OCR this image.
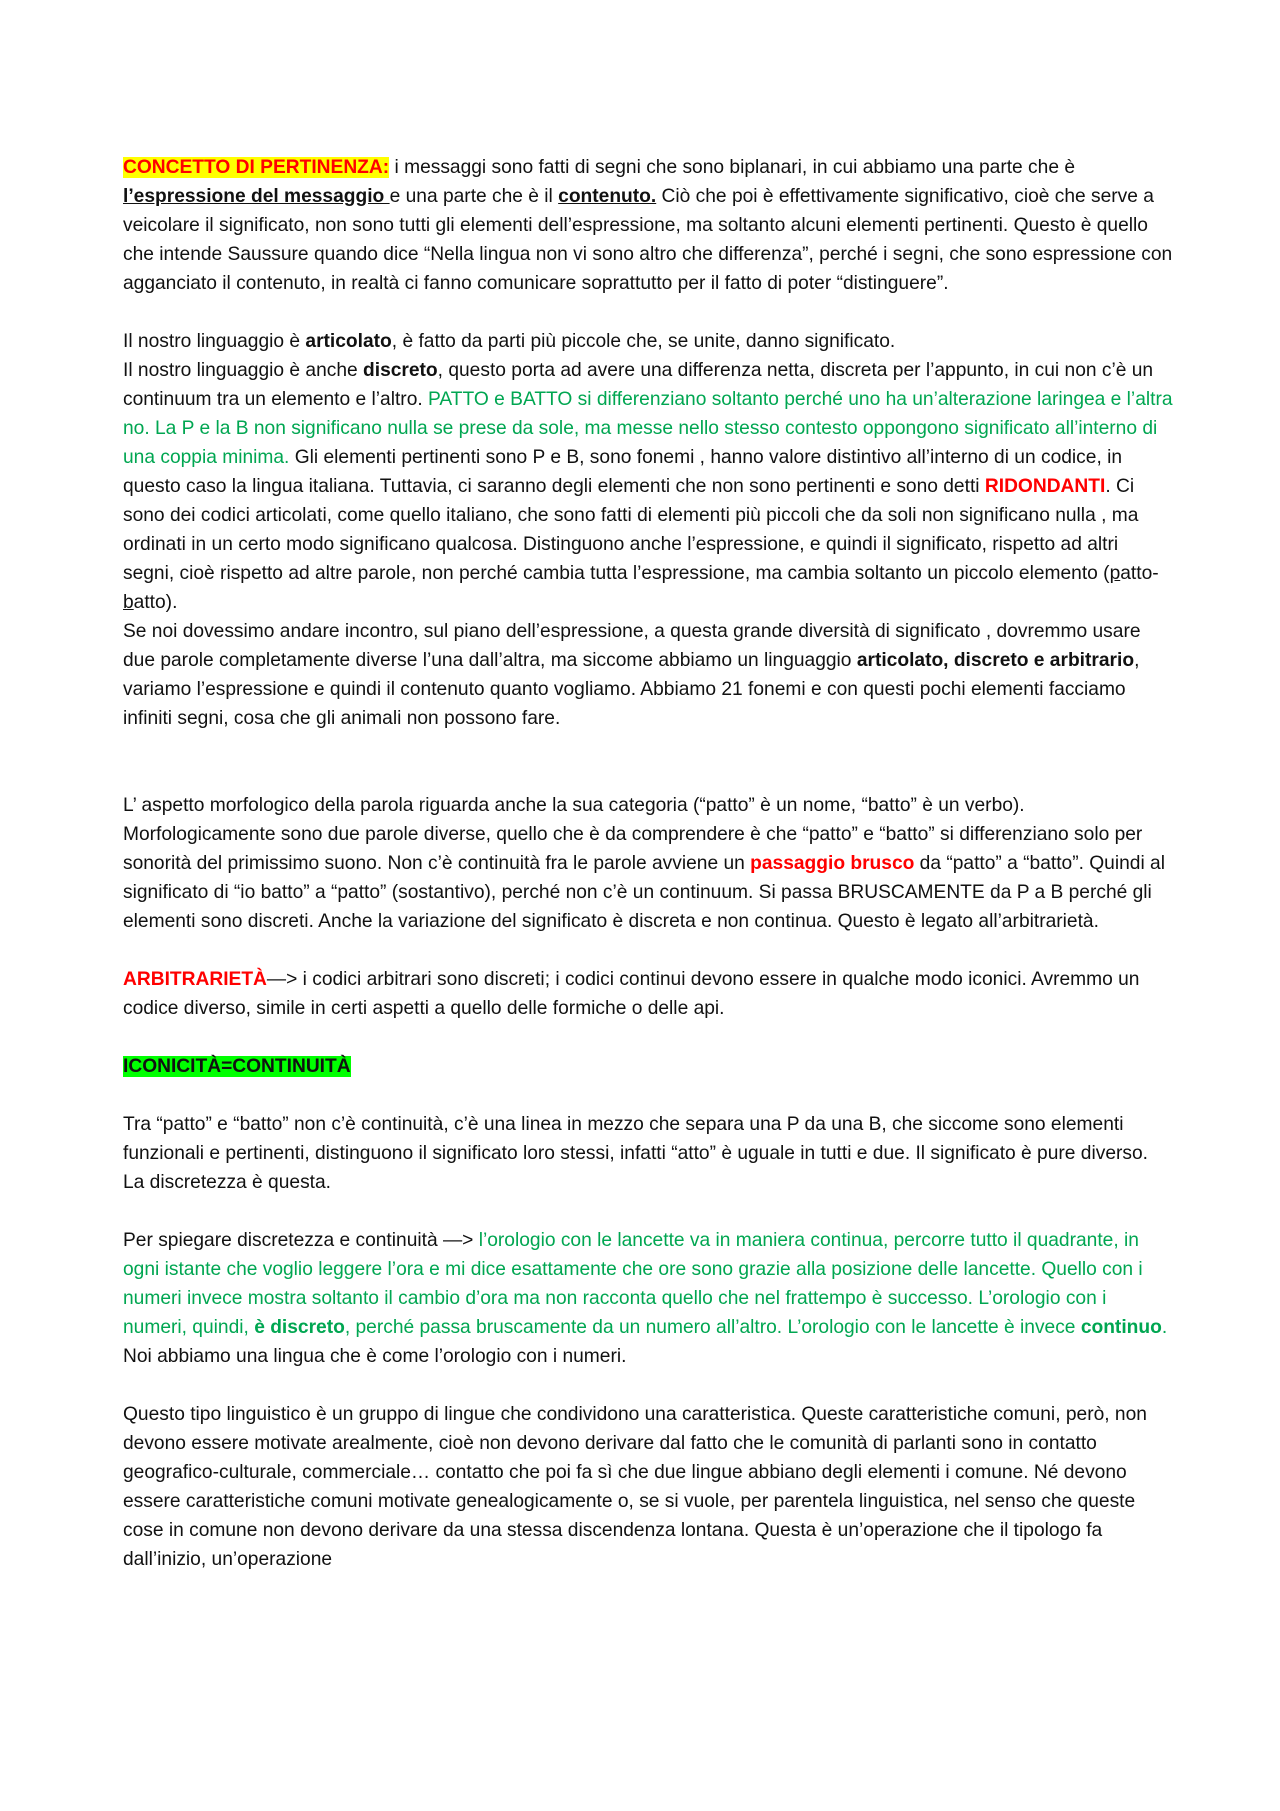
CONCETTO DI PERTINENZA: i messaggi sono fatti di segni che sono biplanari, in cui abbiamo una parte che è l’espressione del messaggio e una parte che è il contenuto. Ciò che poi è effettivamente significativo, cioè che serve a veicolare il significato, non sono tutti gli elementi dell’espressione, ma soltanto alcuni elementi pertinenti. Questo è quello che intende Saussure quando dice “Nella lingua non vi sono altro che differenza”, perché i segni, che sono espressione con agganciato il contenuto, in realtà ci fanno comunicare soprattutto per il fatto di poter “distinguere”.

Il nostro linguaggio è articolato, è fatto da parti più piccole che, se unite, danno significato.

Il nostro linguaggio è anche discreto, questo porta ad avere una differenza netta, discreta per l’appunto, in cui non c’è un continuum tra un elemento e l’altro. PATTO e BATTO si differenziano soltanto perché uno ha un’alterazione laringea e l’altra no. La P e la B non significano nulla se prese da sole, ma messe nello stesso contesto oppongono significato all’interno di una coppia minima. Gli elementi pertinenti sono P e B, sono fonemi , hanno valore distintivo all’interno di un codice, in questo caso la lingua italiana. Tuttavia, ci saranno degli elementi che non sono pertinenti e sono detti RIDONDANTI. Ci sono dei codici articolati, come quello italiano, che sono fatti di elementi più piccoli che da soli non significano nulla , ma ordinati in un certo modo significano qualcosa. Distinguono anche l’espressione, e quindi il significato, rispetto ad altri segni, cioè rispetto ad altre parole, non perché cambia tutta l’espressione, ma cambia soltanto un piccolo elemento (patto-batto).

Se noi dovessimo andare incontro, sul piano dell’espressione, a questa grande diversità di significato , dovremmo usare due parole completamente diverse l’una dall’altra, ma siccome abbiamo un linguaggio articolato, discreto e arbitrario, variamo l’espressione e quindi il contenuto quanto vogliamo. Abbiamo 21 fonemi e con questi pochi elementi facciamo infiniti segni, cosa che gli animali non possono fare.

L’ aspetto morfologico della parola riguarda anche la sua categoria (“patto” è un nome, “batto” è un verbo). Morfologicamente sono due parole diverse, quello che è da comprendere è che “patto” e “batto” si differenziano solo per sonorità del primissimo suono. Non c’è continuità fra le parole avviene un passaggio brusco da “patto” a “batto”. Quindi al significato di “io batto” a “patto” (sostantivo), perché non c’è un continuum. Si passa BRUSCAMENTE da P a B perché gli elementi sono discreti. Anche la variazione del significato è discreta e non continua. Questo è legato all’arbitrarietà.

ARBITRARIETÀ—> i codici arbitrari sono discreti; i codici continui devono essere in qualche modo iconici. Avremmo un codice diverso, simile in certi aspetti a quello delle formiche o delle api.

ICONICITÀ=CONTINUITÀ

Tra “patto” e “batto” non c’è continuità, c’è una linea in mezzo che separa una P da una B, che siccome sono elementi funzionali e pertinenti, distinguono il significato loro stessi, infatti “atto” è uguale in tutti e due. Il significato è pure diverso. La discretezza è questa.

Per spiegare discretezza e continuità —> l’orologio con le lancette va in maniera continua, percorre tutto il quadrante, in ogni istante che voglio leggere l’ora e mi dice esattamente che ore sono grazie alla posizione delle lancette. Quello con i numeri invece mostra soltanto il cambio d’ora ma non racconta quello che nel frattempo è successo. L’orologio con i numeri, quindi, è discreto, perché passa bruscamente da un numero all’altro. L’orologio con le lancette è invece continuo. Noi abbiamo una lingua che è come l’orologio con i numeri.

Questo tipo linguistico è un gruppo di lingue che condividono una caratteristica. Queste caratteristiche comuni, però, non devono essere motivate arealmente, cioè non devono derivare dal fatto che le comunità di parlanti sono in contatto geografico-culturale, commerciale… contatto che poi fa sì che due lingue abbiano degli elementi i comune. Né devono essere caratteristiche comuni motivate genealogicamente o, se si vuole, per parentela linguistica, nel senso che queste cose in comune non devono derivare da una stessa discendenza lontana. Questa è un’operazione che il tipologo fa dall’inizio, un’operazione
